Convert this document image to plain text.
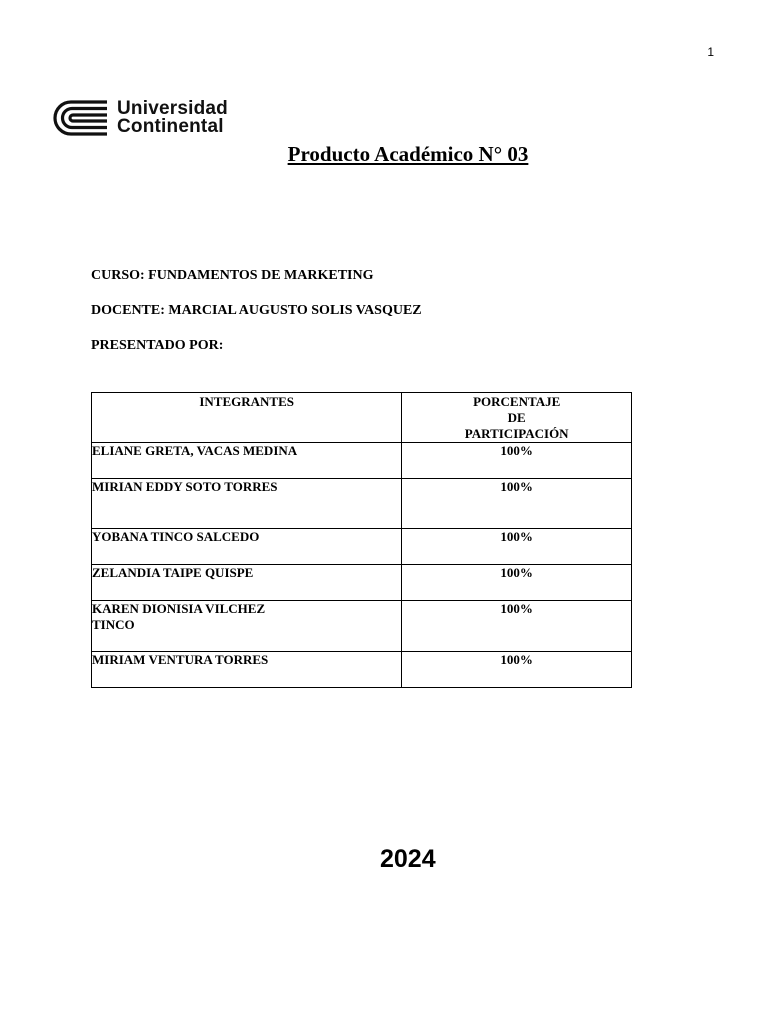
1
Universidad
Continental
Producto Académico N° 03
CURSO: FUNDAMENTOS DE MARKETING
DOCENTE: MARCIAL AUGUSTO SOLIS VASQUEZ
PRESENTADO POR:
INTEGRANTES	PORCENTAJE
DE
PARTICIPACIÓN
ELIANE GRETA, VACAS MEDINA	100%
MIRIAN EDDY SOTO TORRES	100%
YOBANA TINCO SALCEDO	100%
ZELANDIA TAIPE QUISPE	100%
KAREN DIONISIA VILCHEZ
TINCO	100%
MIRIAM VENTURA TORRES	100%
2024
